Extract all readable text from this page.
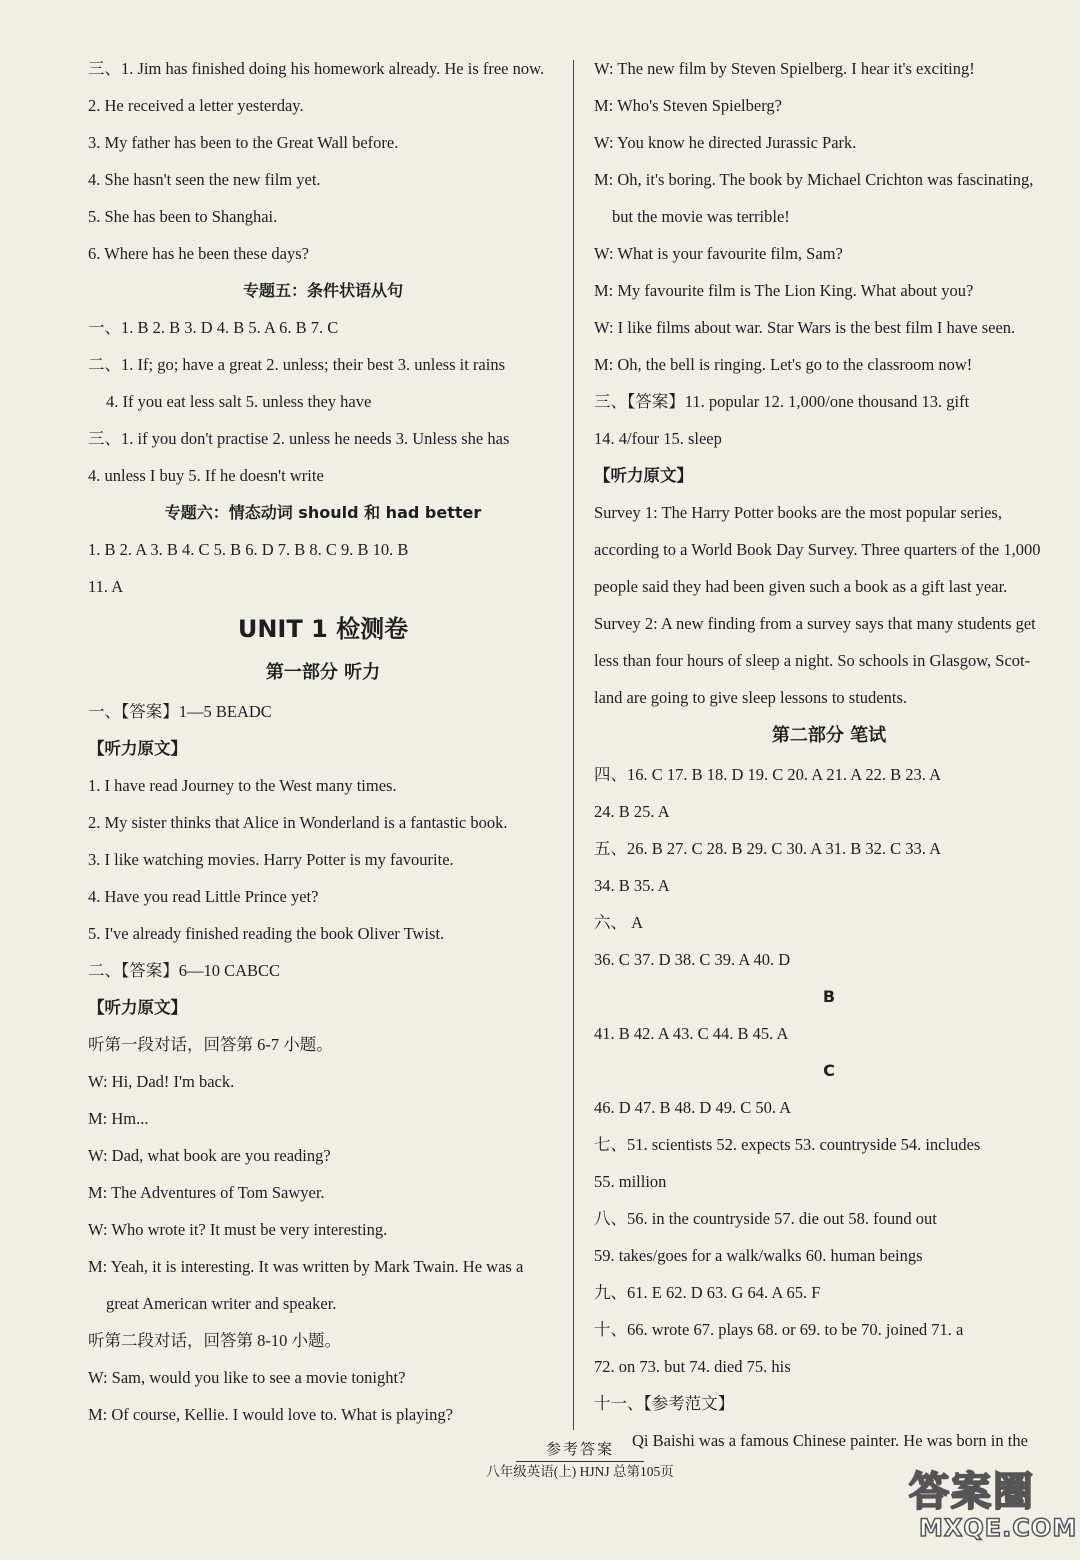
三、1. Jim has finished doing his homework already. He is free now.
2. He received a letter yesterday.
3. My father has been to the Great Wall before.
4. She hasn't seen the new film yet.
5. She has been to Shanghai.
6. Where has he been these days?
专题五：条件状语从句
一、1. B 2. B 3. D 4. B 5. A 6. B 7. C
二、1. If; go; have a great 2. unless; their best 3. unless it rains
4. If you eat less salt 5. unless they have
三、1. if you don't practise 2. unless he needs 3. Unless she has
4. unless I buy 5. If he doesn't write
专题六：情态动词 should 和 had better
1. B 2. A 3. B 4. C 5. B 6. D 7. B 8. C 9. B 10. B
11. A
UNIT 1 检测卷
第一部分 听力
一、【答案】1—5 BEADC
【听力原文】
1. I have read Journey to the West many times.
2. My sister thinks that Alice in Wonderland is a fantastic book.
3. I like watching movies. Harry Potter is my favourite.
4. Have you read Little Prince yet?
5. I've already finished reading the book Oliver Twist.
二、【答案】6—10 CABCC
【听力原文】
听第一段对话，回答第 6-7 小题。
W: Hi, Dad! I'm back.
M: Hm...
W: Dad, what book are you reading?
M: The Adventures of Tom Sawyer.
W: Who wrote it? It must be very interesting.
M: Yeah, it is interesting. It was written by Mark Twain. He was a
great American writer and speaker.
听第二段对话，回答第 8-10 小题。
W: Sam, would you like to see a movie tonight?
M: Of course, Kellie. I would love to. What is playing?
W: The new film by Steven Spielberg. I hear it's exciting!
M: Who's Steven Spielberg?
W: You know he directed Jurassic Park.
M: Oh, it's boring. The book by Michael Crichton was fascinating,
but the movie was terrible!
W: What is your favourite film, Sam?
M: My favourite film is The Lion King. What about you?
W: I like films about war. Star Wars is the best film I have seen.
M: Oh, the bell is ringing. Let's go to the classroom now!
三、【答案】11. popular 12. 1,000/one thousand 13. gift
14. 4/four 15. sleep
【听力原文】
Survey 1: The Harry Potter books are the most popular series,
according to a World Book Day Survey. Three quarters of the 1,000
people said they had been given such a book as a gift last year.
Survey 2: A new finding from a survey says that many students get
less than four hours of sleep a night. So schools in Glasgow, Scot-
land are going to give sleep lessons to students.
第二部分 笔试
四、16. C 17. B 18. D 19. C 20. A 21. A 22. B 23. A
24. B 25. A
五、26. B 27. C 28. B 29. C 30. A 31. B 32. C 33. A
34. B 35. A
六、 A
36. C 37. D 38. C 39. A 40. D
B
41. B 42. A 43. C 44. B 45. A
C
46. D 47. B 48. D 49. C 50. A
七、51. scientists 52. expects 53. countryside 54. includes
55. million
八、56. in the countryside 57. die out 58. found out
59. takes/goes for a walk/walks 60. human beings
九、61. E 62. D 63. G 64. A 65. F
十、66. wrote 67. plays 68. or 69. to be 70. joined 71. a
72. on 73. but 74. died 75. his
十一、【参考范文】
Qi Baishi was a famous Chinese painter. He was born in the
参考答案
八年级英语(上) HJNJ 总第105页	答案圈
MXQE.COM
